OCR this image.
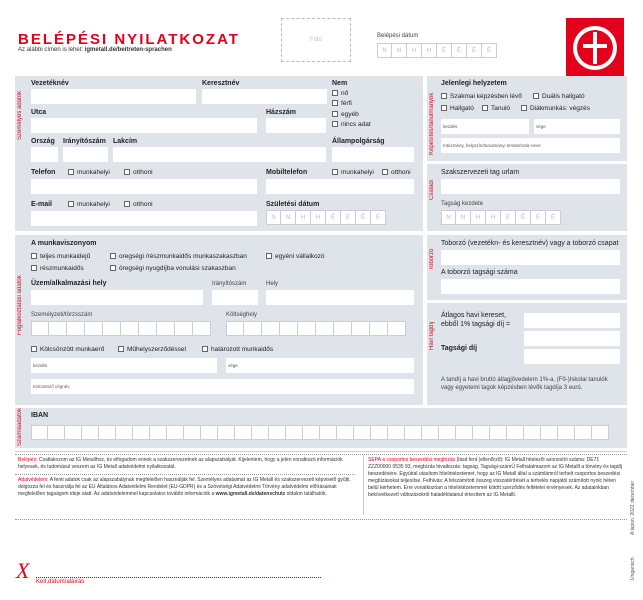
BELÉPÉSI NYILATKOZAT
Az alábbi címen is lehet: igmetall.de/beitreten-sprachen
Fotó
Belépési dátum
N	N	H	H	É	É	É	É
Személyes adatok
Vezetéknév	Keresztnév	Nem
nő
férfi
egyéb
nincs adat
Utca	Házszám
Ország Irányítószám Lakcím	Állampolgárság
Telefon	munkahelyi	otthoni	Mobiltelefon	munkahelyi	otthoni
E-mail	munkahelyi	otthoni	Születési dátum
N	N	H	H	É	É	É	É
Képesítés/tanulmányok
Jelenlegi helyzetem
Szakmai képzésben lévő	Duális hallgató
Hallgató	Tanuló	Diákmunkás: végzés
kezdés	vége
Intézmény, helyszín/tanulmányi terület/szak neve
Családi
Szakszervezeti tag urlam
Tagság kezdete
N	N	H	H	É	É	É	É
Foglalkoztatási adatok
A munkaviszonyom
teljes munkaidejű	oregségi /részmunkaidős munkaszakaszban	egyéni vállalkozó
részmunkaidős	öregségi nyugdíjba vonulási szakaszban
Üzem/alkalmazási hely	Irányítószám	Hely
Személyzeti/törzsszám	Költséghely
Kölcsönzött munkaerő	Műhelyszerződéssel	határozott munkaidős
kezdés	vége
Kölcsönző cégnév
Toborzó
Toborzó (vezetékn- és keresztnév) vagy a toborzó csapat
A toborzó tagsági száma
Havi tagdíj
Átlagos havi kereset, ebből 1% tagsági díj =
Tagsági díj
A tandíj a havi bruttó átlagjövedelem 1%-a. (Fő-)Iskolai tanulók vagy egyetemi tagok képzésben lévők tagdíja 3 euró.
Számlaadatok IBAN
Belépés: Csatlakozom az IG Metallhoz, és elfogadom ennek a szakszervezetnek az alapszabályát. Kijelentem, hogy a jelen vonatkozó információk helyesek, és tudomásul veszem az IG Metall adatvédelmi nyilatkozatát.
Adatvédelem: A fenti adatok csak az alapszabálynak megfelelően használják fel. Személyes adataimat az IG Metall és szakszervezeti képviselő gyűjti, dolgozza fel és használja fel az EU Általános Adatvédelmi Rendelet (EU-GDPR) és a Szövetségi Adatvédelmi Törvény adatvédelmi előírásainak megfelelően tagságom ideje alatt. Az adatvédelemmel kapcsolatos további információk a www.igmetall.de/datenschutz oldalon találhatók.
SEPA-s csoportos beszedési megbízás (lásd fent (ellenőrző): IG Metall hitelezői azonosító száma: DE71 ZZZ00000 0535 93, megbízás hivatkozás: tagság. Tagsági-számÜ Felhatalmazom az IG Metallt a törvény és tagdíj beszedésére. Egyúttal utasítom hitelintézetemet, hogy az IG Metall által a számlámról terhelt csoportos beszedési megbízásokat teljesítse. Felhívás: A felszámított összeg visszatérítését a terhelés napjától számított nyolc héten belül kérhetem. Erre vonatkozóan a hitelintézetemmel kötött szerződés feltételei érvényesek. Az adatainkban bekövetkezett változásokról haladéktalanul értesítem az IG Metallt.
X Kelt,dátum/aláírás
A lapon: 2022 december
Ungarisch
